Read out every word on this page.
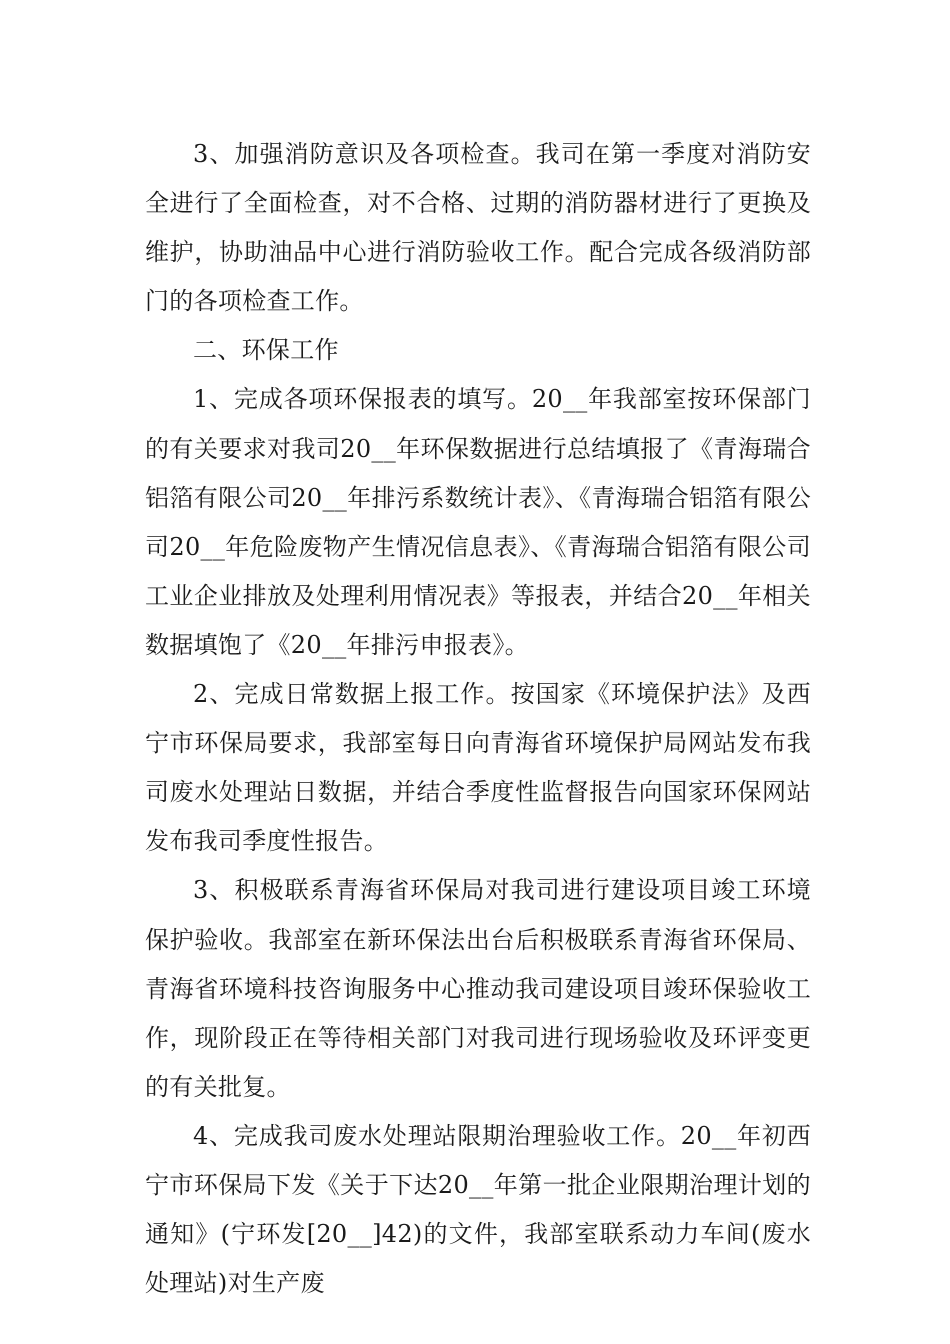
3、加强消防意识及各项检查。我司在第一季度对消防安全进行了全面检查，对不合格、过期的消防器材进行了更换及维护，协助油品中心进行消防验收工作。配合完成各级消防部门的各项检查工作。

二、环保工作

1、完成各项环保报表的填写。20__年我部室按环保部门的有关要求对我司20__年环保数据进行总结填报了《青海瑞合铝箔有限公司20__年排污系数统计表》、《青海瑞合铝箔有限公司20__年危险废物产生情况信息表》、《青海瑞合铝箔有限公司工业企业排放及处理利用情况表》等报表，并结合20__年相关数据填饱了《20__年排污申报表》。

2、完成日常数据上报工作。按国家《环境保护法》及西宁市环保局要求，我部室每日向青海省环境保护局网站发布我司废水处理站日数据，并结合季度性监督报告向国家环保网站发布我司季度性报告。

3、积极联系青海省环保局对我司进行建设项目竣工环境保护验收。我部室在新环保法出台后积极联系青海省环保局、青海省环境科技咨询服务中心推动我司建设项目竣环保验收工作，现阶段正在等待相关部门对我司进行现场验收及环评变更的有关批复。

4、完成我司废水处理站限期治理验收工作。20__年初西宁市环保局下发《关于下达20__年第一批企业限期治理计划的通知》(宁环发[20__]42)的文件，我部室联系动力车间(废水处理站)对生产废
